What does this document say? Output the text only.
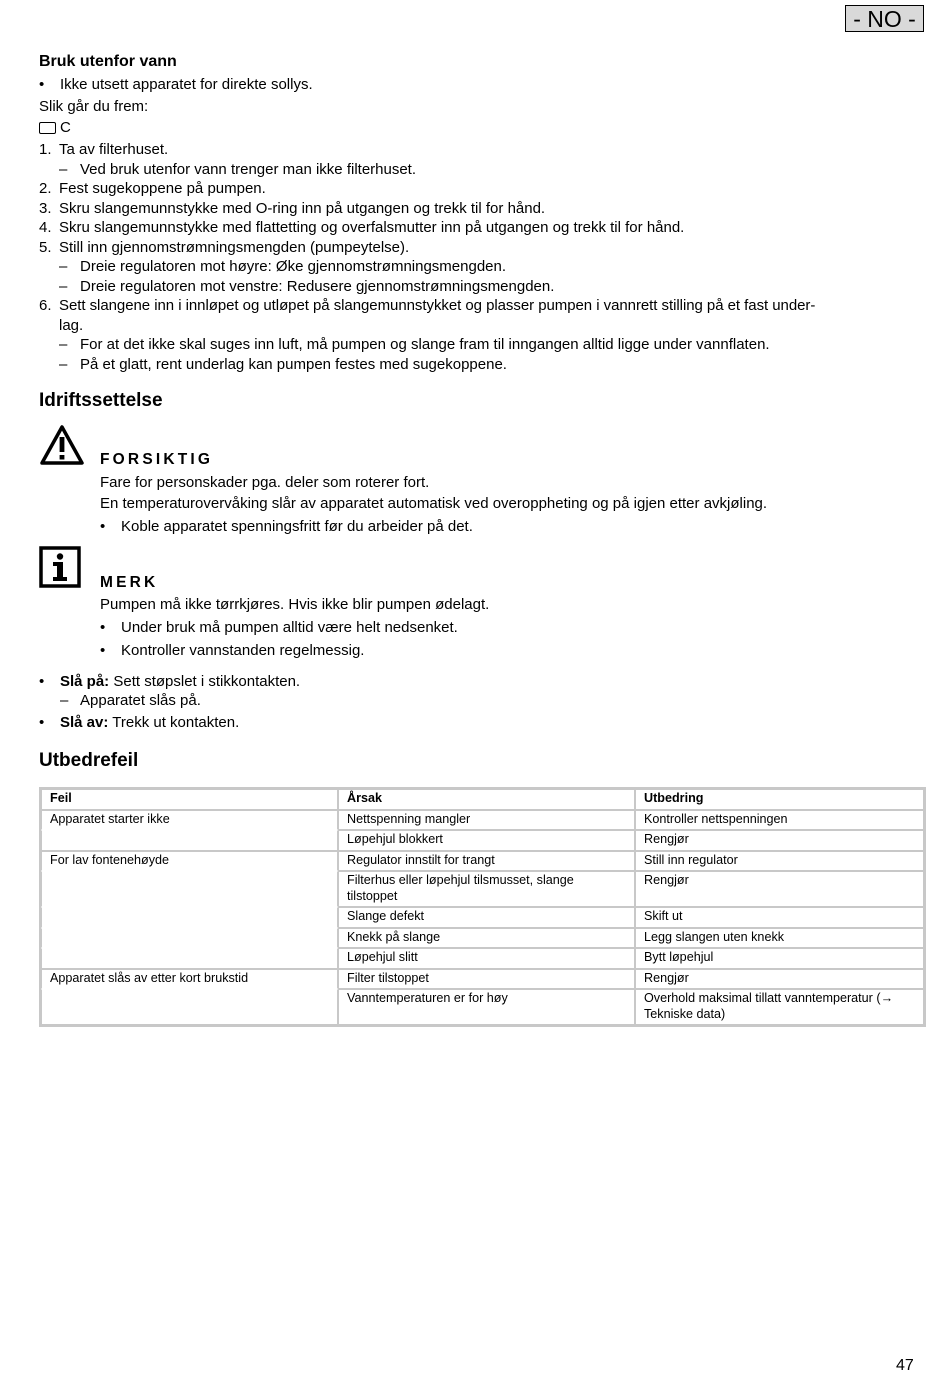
- NO -
Bruk utenfor vann
Ikke utsett apparatet for direkte sollys.
Slik går du frem:
C
1. Ta av filterhuset.
– Ved bruk utenfor vann trenger man ikke filterhuset.
2. Fest sugekoppene på pumpen.
3. Skru slangemunnstykke med O-ring inn på utgangen og trekk til for hånd.
4. Skru slangemunnstykke med flattetting og overfalsmutter inn på utgangen og trekk til for hånd.
5. Still inn gjennomstrømningsmengden (pumpeytelse).
– Dreie regulatoren mot høyre: Øke gjennomstrømningsmengden.
– Dreie regulatoren mot venstre: Redusere gjennomstrømningsmengden.
6. Sett slangene inn i innløpet og utløpet på slangemunnstykket og plasser pumpen i vannrett stilling på et fast under-
lag.
– For at det ikke skal suges inn luft, må pumpen og slange fram til inngangen alltid ligge under vannflaten.
– På et glatt, rent underlag kan pumpen festes med sugekoppene.
Idriftssettelse
FORSIKTIG
Fare for personskader pga. deler som roterer fort.
En temperaturovervåking slår av apparatet automatisk ved overoppheting og på igjen etter avkjøling.
Koble apparatet spenningsfritt før du arbeider på det.
MERK
Pumpen må ikke tørrkjøres. Hvis ikke blir pumpen ødelagt.
Under bruk må pumpen alltid være helt nedsenket.
Kontroller vannstanden regelmessig.
Slå på: Sett støpslet i stikkontakten.
– Apparatet slås på.
Slå av: Trekk ut kontakten.
Utbedrefeil
Feil	Årsak	Utbedring
Apparatet starter ikke	Nettspenning mangler	Kontroller nettspenningen
	Løpehjul blokkert	Rengjør
For lav fontenehøyde	Regulator innstilt for trangt	Still inn regulator
	Filterhus eller løpehjul tilsmusset, slange tilstoppet	Rengjør
	Slange defekt	Skift ut
	Knekk på slange	Legg slangen uten knekk
	Løpehjul slitt	Bytt løpehjul
Apparatet slås av etter kort brukstid	Filter tilstoppet	Rengjør
	Vanntemperaturen er for høy	Overhold maksimal tillatt vanntemperatur (→ Tekniske data)
47
